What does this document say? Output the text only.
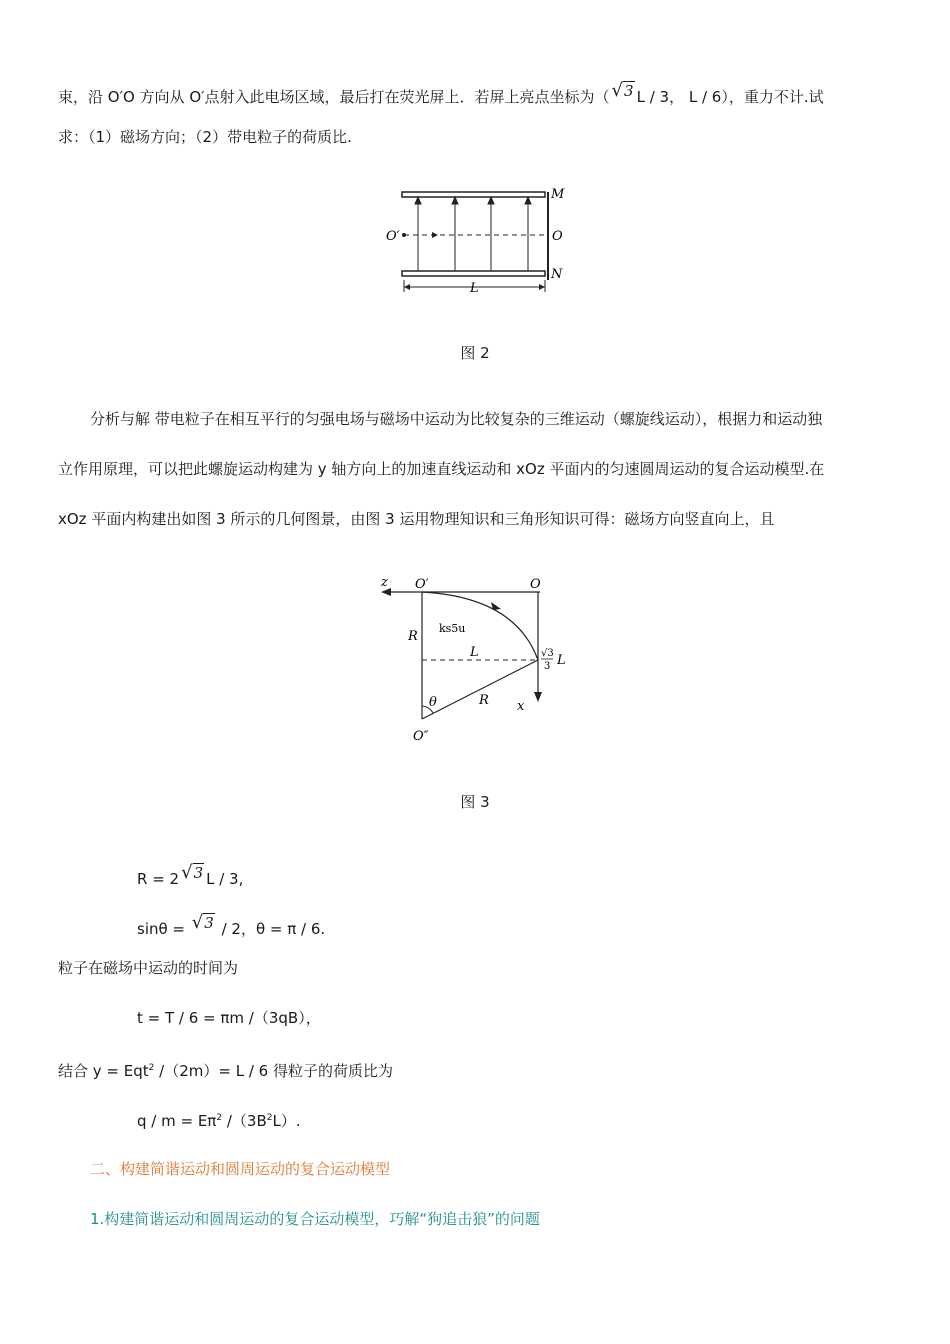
束，沿 O′O 方向从 O′点射入此电场区域，最后打在荧光屏上．若屏上亮点坐标为（ √3 L / 3， L / 6），重力不计.试
求：（1）磁场方向；（2）带电粒子的荷质比.
M
O′	O
N
L
图 2
分析与解 带电粒子在相互平行的匀强电场与磁场中运动为比较复杂的三维运动（螺旋线运动），根据力和运动独
立作用原理，可以把此螺旋运动构建为 y 轴方向上的加速直线运动和 xOz 平面内的匀速圆周运动的复合运动模型.在
xOz 平面内构建出如图 3 所示的几何图景，由图 3 运用物理知识和三角形知识可得：磁场方向竖直向上，且
z O′	O
ks5u
R
L	√3
3 L
θ	R x
O″
图 3
R = 2 √3 L / 3,
sinθ = √3 / 2，θ = π / 6.
粒子在磁场中运动的时间为
t = T / 6 = πm /（3qB），
结合 y = Eqt$^2$ /（2m）= L / 6 得粒子的荷质比为
$q / m = E\pi^2$ $/(3B^2L)$.
二、构建简谐运动和圆周运动的复合运动模型
1.构建简谐运动和圆周运动的复合运动模型，巧解“狗追击狼”的问题
